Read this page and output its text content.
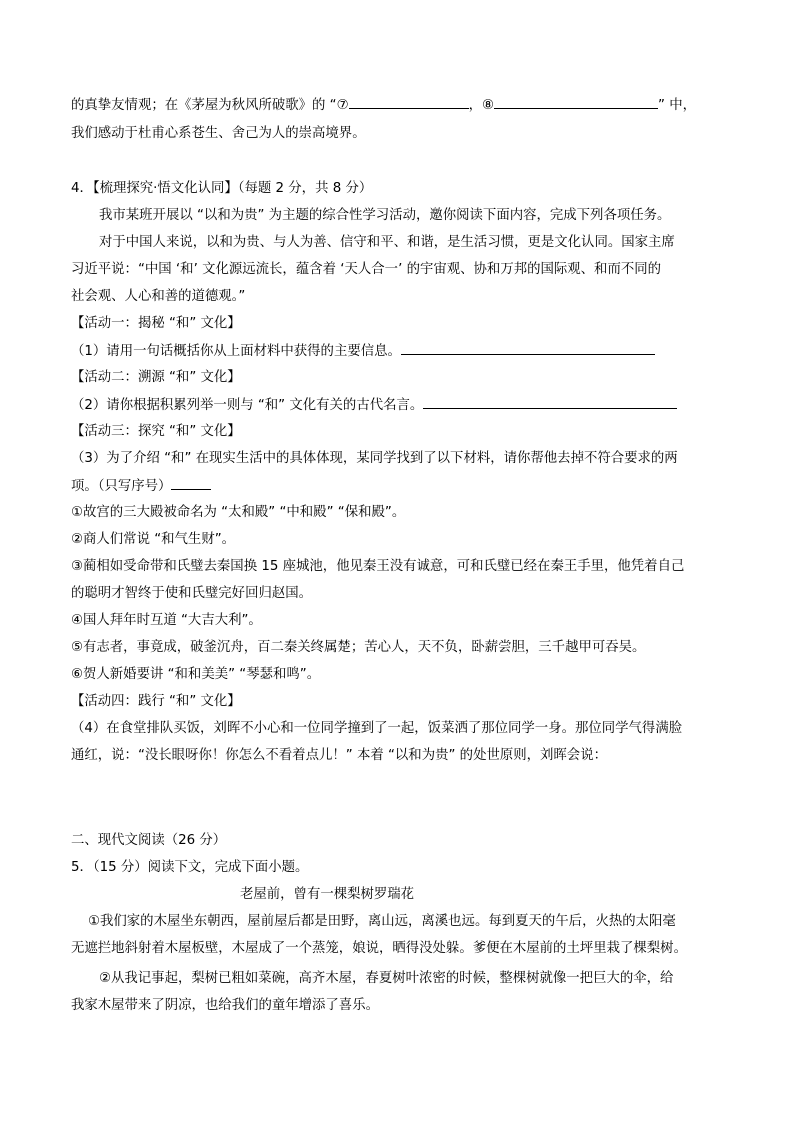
的真挚友情观；在《茅屋为秋风所破歌》的 “⑦	，⑧	” 中，
我们感动于杜甫心系苍生、舍己为人的崇高境界。
4．【梳理探究·悟文化认同】（每题 2 分，共 8 分）
我市某班开展以 “以和为贵” 为主题的综合性学习活动，邀你阅读下面内容，完成下列各项任务。
对于中国人来说，以和为贵、与人为善、信守和平、和谐，是生活习惯，更是文化认同。国家主席
习近平说：“中国 ‘和’ 文化源远流长，蕴含着 ‘天人合一’ 的宇宙观、协和万邦的国际观、和而不同的
社会观、人心和善的道德观。”
【活动一：揭秘 “和” 文化】
（1）请用一句话概括你从上面材料中获得的主要信息。
【活动二：溯源 “和” 文化】
（2）请你根据积累列举一则与 “和” 文化有关的古代名言。
【活动三：探究 “和” 文化】
（3）为了介绍 “和” 在现实生活中的具体体现，某同学找到了以下材料，请你帮他去掉不符合要求的两
项。（只写序号）
①故宫的三大殿被命名为 “太和殿” “中和殿” “保和殿”。
②商人们常说 “和气生财”。
③蔺相如受命带和氏璧去秦国换 15 座城池，他见秦王没有诚意，可和氏璧已经在秦王手里，他凭着自己
的聪明才智终于使和氏璧完好回归赵国。
④国人拜年时互道 “大吉大利”。
⑤有志者，事竟成，破釜沉舟，百二秦关终属楚；苦心人，天不负，卧薪尝胆，三千越甲可吞吴。
⑥贺人新婚要讲 “和和美美” “琴瑟和鸣”。
【活动四：践行 “和” 文化】
（4）在食堂排队买饭，刘晖不小心和一位同学撞到了一起，饭菜洒了那位同学一身。那位同学气得满脸
通红，说：“没长眼呀你！你怎么不看着点儿！” 本着 “以和为贵” 的处世原则，刘晖会说：
二、现代文阅读（26 分）
5．（15 分）阅读下文，完成下面小题。
老屋前，曾有一棵梨树罗瑞花
①我们家的木屋坐东朝西，屋前屋后都是田野，离山远，离溪也远。每到夏天的午后，火热的太阳毫
无遮拦地斜射着木屋板壁，木屋成了一个蒸笼，娘说，晒得没处躲。爹便在木屋前的土坪里栽了棵梨树。
②从我记事起，梨树已粗如菜碗，高齐木屋，春夏树叶浓密的时候，整棵树就像一把巨大的伞，给
我家木屋带来了阴凉，也给我们的童年增添了喜乐。
